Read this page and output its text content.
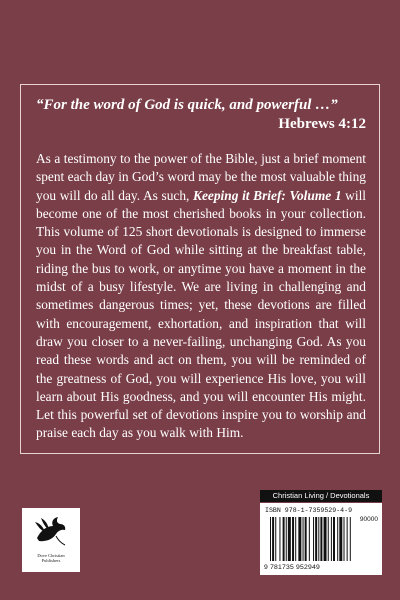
“For the word of God is quick, and powerful …”

Hebrews 4:12

As a testimony to the power of the Bible, just a brief moment spent each day in God’s word may be the most valuable thing you will do all day. As such, Keeping it Brief: Volume 1 will become one of the most cherished books in your collection. This volume of 125 short devotionals is designed to immerse you in the Word of God while sitting at the breakfast table, riding the bus to work, or anytime you have a moment in the midst of a busy lifestyle. We are living in challenging and sometimes dangerous times; yet, these devotions are filled with encouragement, exhortation, and inspiration that will draw you closer to a never-failing, unchanging God. As you read these words and act on them, you will be reminded of the greatness of God, you will experience His love, you will learn about His goodness, and you will encounter His might. Let this powerful set of devotions inspire you to worship and praise each day as you walk with Him.

Dove Christian
Publishers
Christian Living / Devotionals
ISBN 978-1-7359529-4-9
90000
9 781735 952949
